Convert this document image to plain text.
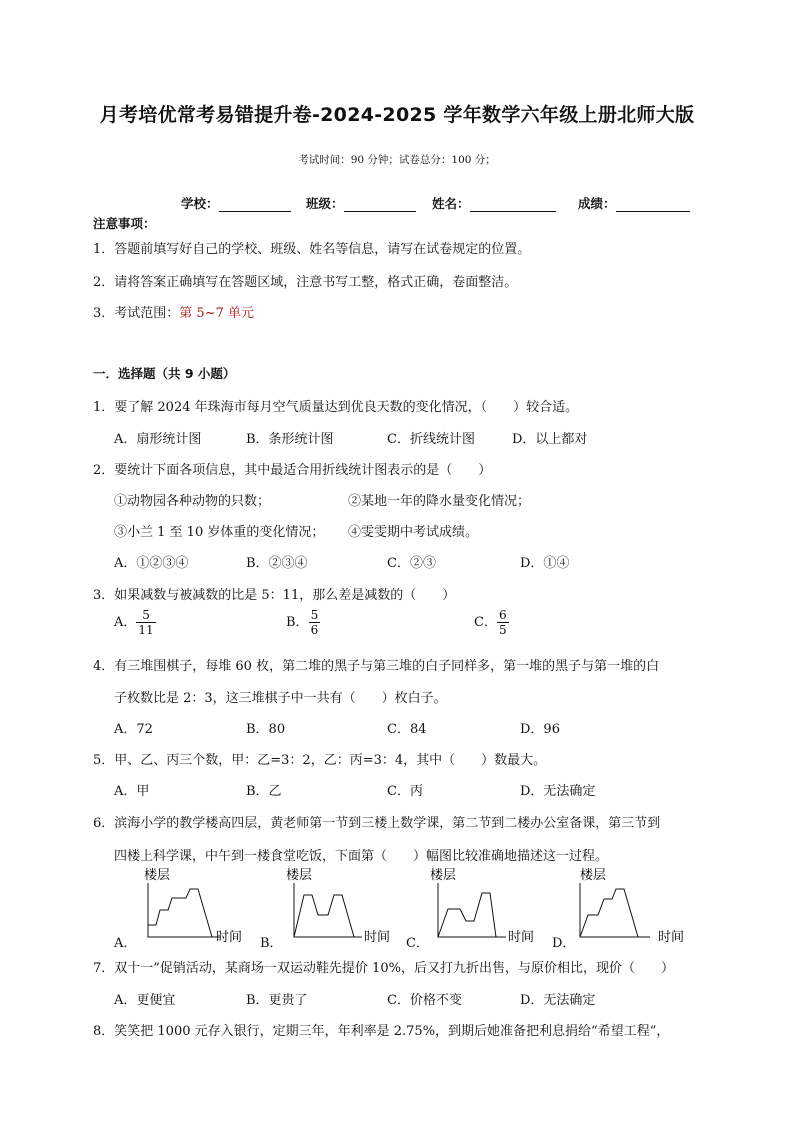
月考培优常考易错提升卷-2024-2025 学年数学六年级上册北师大版
考试时间：90 分钟；试卷总分：100 分；
学校：	班级：	姓名：	成绩：
注意事项：
1．答题前填写好自己的学校、班级、姓名等信息，请写在试卷规定的位置。
2．请将答案正确填写在答题区域，注意书写工整，格式正确，卷面整洁。
3．考试范围：第 5~7 单元
一．选择题（共 9 小题）
1．要了解 2024 年珠海市每月空气质量达到优良天数的变化情况，（　　）较合适。
A．扇形统计图	B．条形统计图	C．折线统计图	D．以上都对
2．要统计下面各项信息，其中最适合用折线统计图表示的是（　　）
①动物园各种动物的只数；	②某地一年的降水量变化情况；
③小兰 1 至 10 岁体重的变化情况； ④雯雯期中考试成绩。
A．①②③④	B．②③④	C．②③	D．①④
3．如果减数与被减数的比是 5：11，那么差是减数的（　　）
A． $\frac{5}{11}$	B． $\frac{5}{6}$	C． $\frac{6}{5}$
4．有三堆围棋子，每堆 60 枚，第二堆的黑子与第三堆的白子同样多，第一堆的黑子与第一堆的白
子枚数比是 2：3，这三堆棋子中一共有（　　）枚白子。
A．72	B．80	C．84	D．96
5．甲、乙、丙三个数，甲：乙=3：2，乙：丙=3：4，其中（　　）数最大。
A．甲	B．乙	C．丙	D．无法确定
6．滨海小学的教学楼高四层，黄老师第一节到三楼上数学课，第二节到二楼办公室备课，第三节到
四楼上科学课，中午到一楼食堂吃饭，下面第（　　）幅图比较准确地描述这一过程。
A．
楼层
时间 B．
楼层
时间 C．
楼层
时间 D．
楼层
时间
7．双十一”促销活动，某商场一双运动鞋先提价 10%，后又打九折出售，与原价相比，现价（　　）
A．更便宜	B．更贵了	C．价格不变	D．无法确定
8．笑笑把 1000 元存入银行，定期三年，年利率是 2.75%，到期后她准备把利息捐给“希望工程”，
